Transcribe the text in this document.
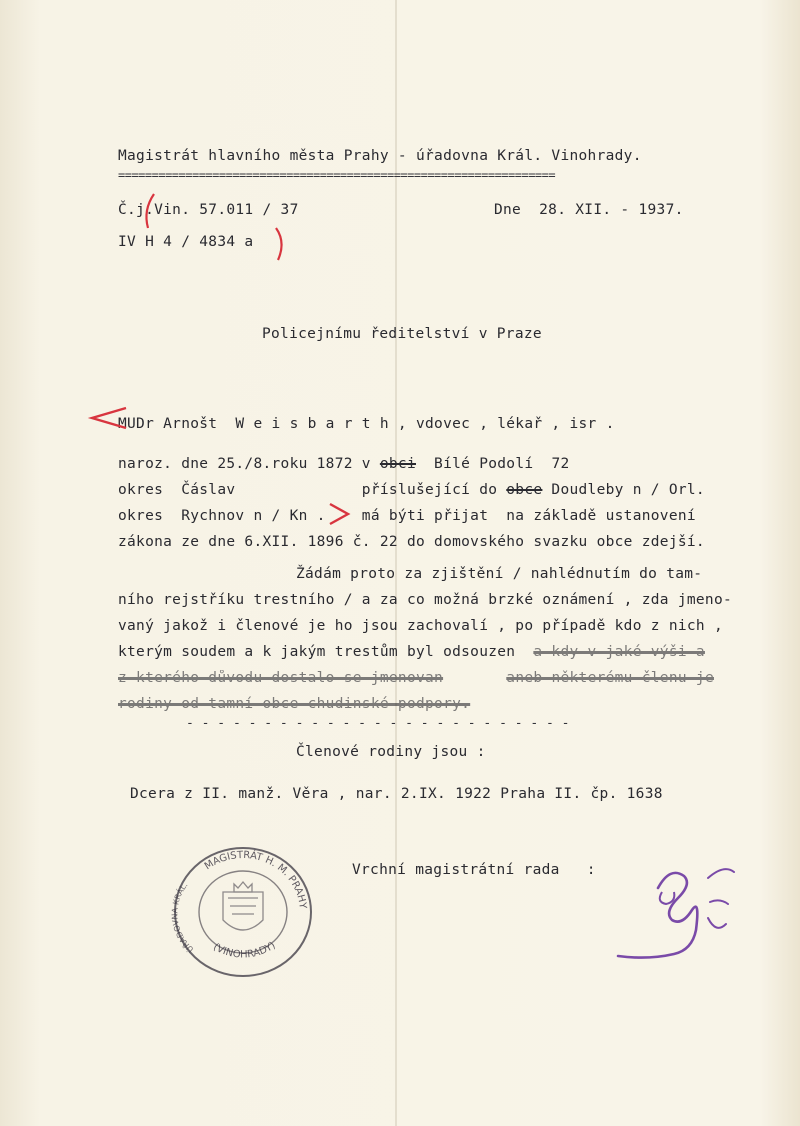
Magistrát hlavního města Prahy - úřadovna Král. Vinohrady.
=================================================================
Č.j.Vin. 57.011 / 37
IV H 4 / 4834 a
Dne  28. XII. - 1937.
Policejnímu ředitelství v Praze
MUDr Arnošt  W e i s b a r t h , vdovec , lékař , isr .
naroz. dne 25./8.roku 1872 v obci  Bílé Podolí  72
okres  Čáslav              příslušející do obce Doudleby n / Orl.
okres  Rychnov n / Kn .    má býti přijat  na základě ustanovení
zákona ze dne 6.XII. 1896 č. 22 do domovského svazku obce zdejší.
Žádám proto za zjištění / nahlédnutím do tam-
ního rejstříku trestního / a za co možná brzké oznámení , zda jmeno-
vaný jakož i členové je ho jsou zachovalí , po případě kdo z nich ,
kterým soudem a k jakým trestům byl odsouzen  a kdy v jaké výši a
z kterého důvodu dostalo se jmenovan	aneb některému členu je
rodiny od tamní obce chudinské podpory.
- - - - - - - - - - - - - - - - - - - - - - - - -
Členové rodiny jsou :
Dcera z II. manž. Věra , nar. 2.IX. 1922 Praha II. čp. 1638
Vrchní magistrátní rada   :
MAGISTRÁT H. M. PRAHY
(VINOHRADY)
ÚŘADOVNA KRÁL.
